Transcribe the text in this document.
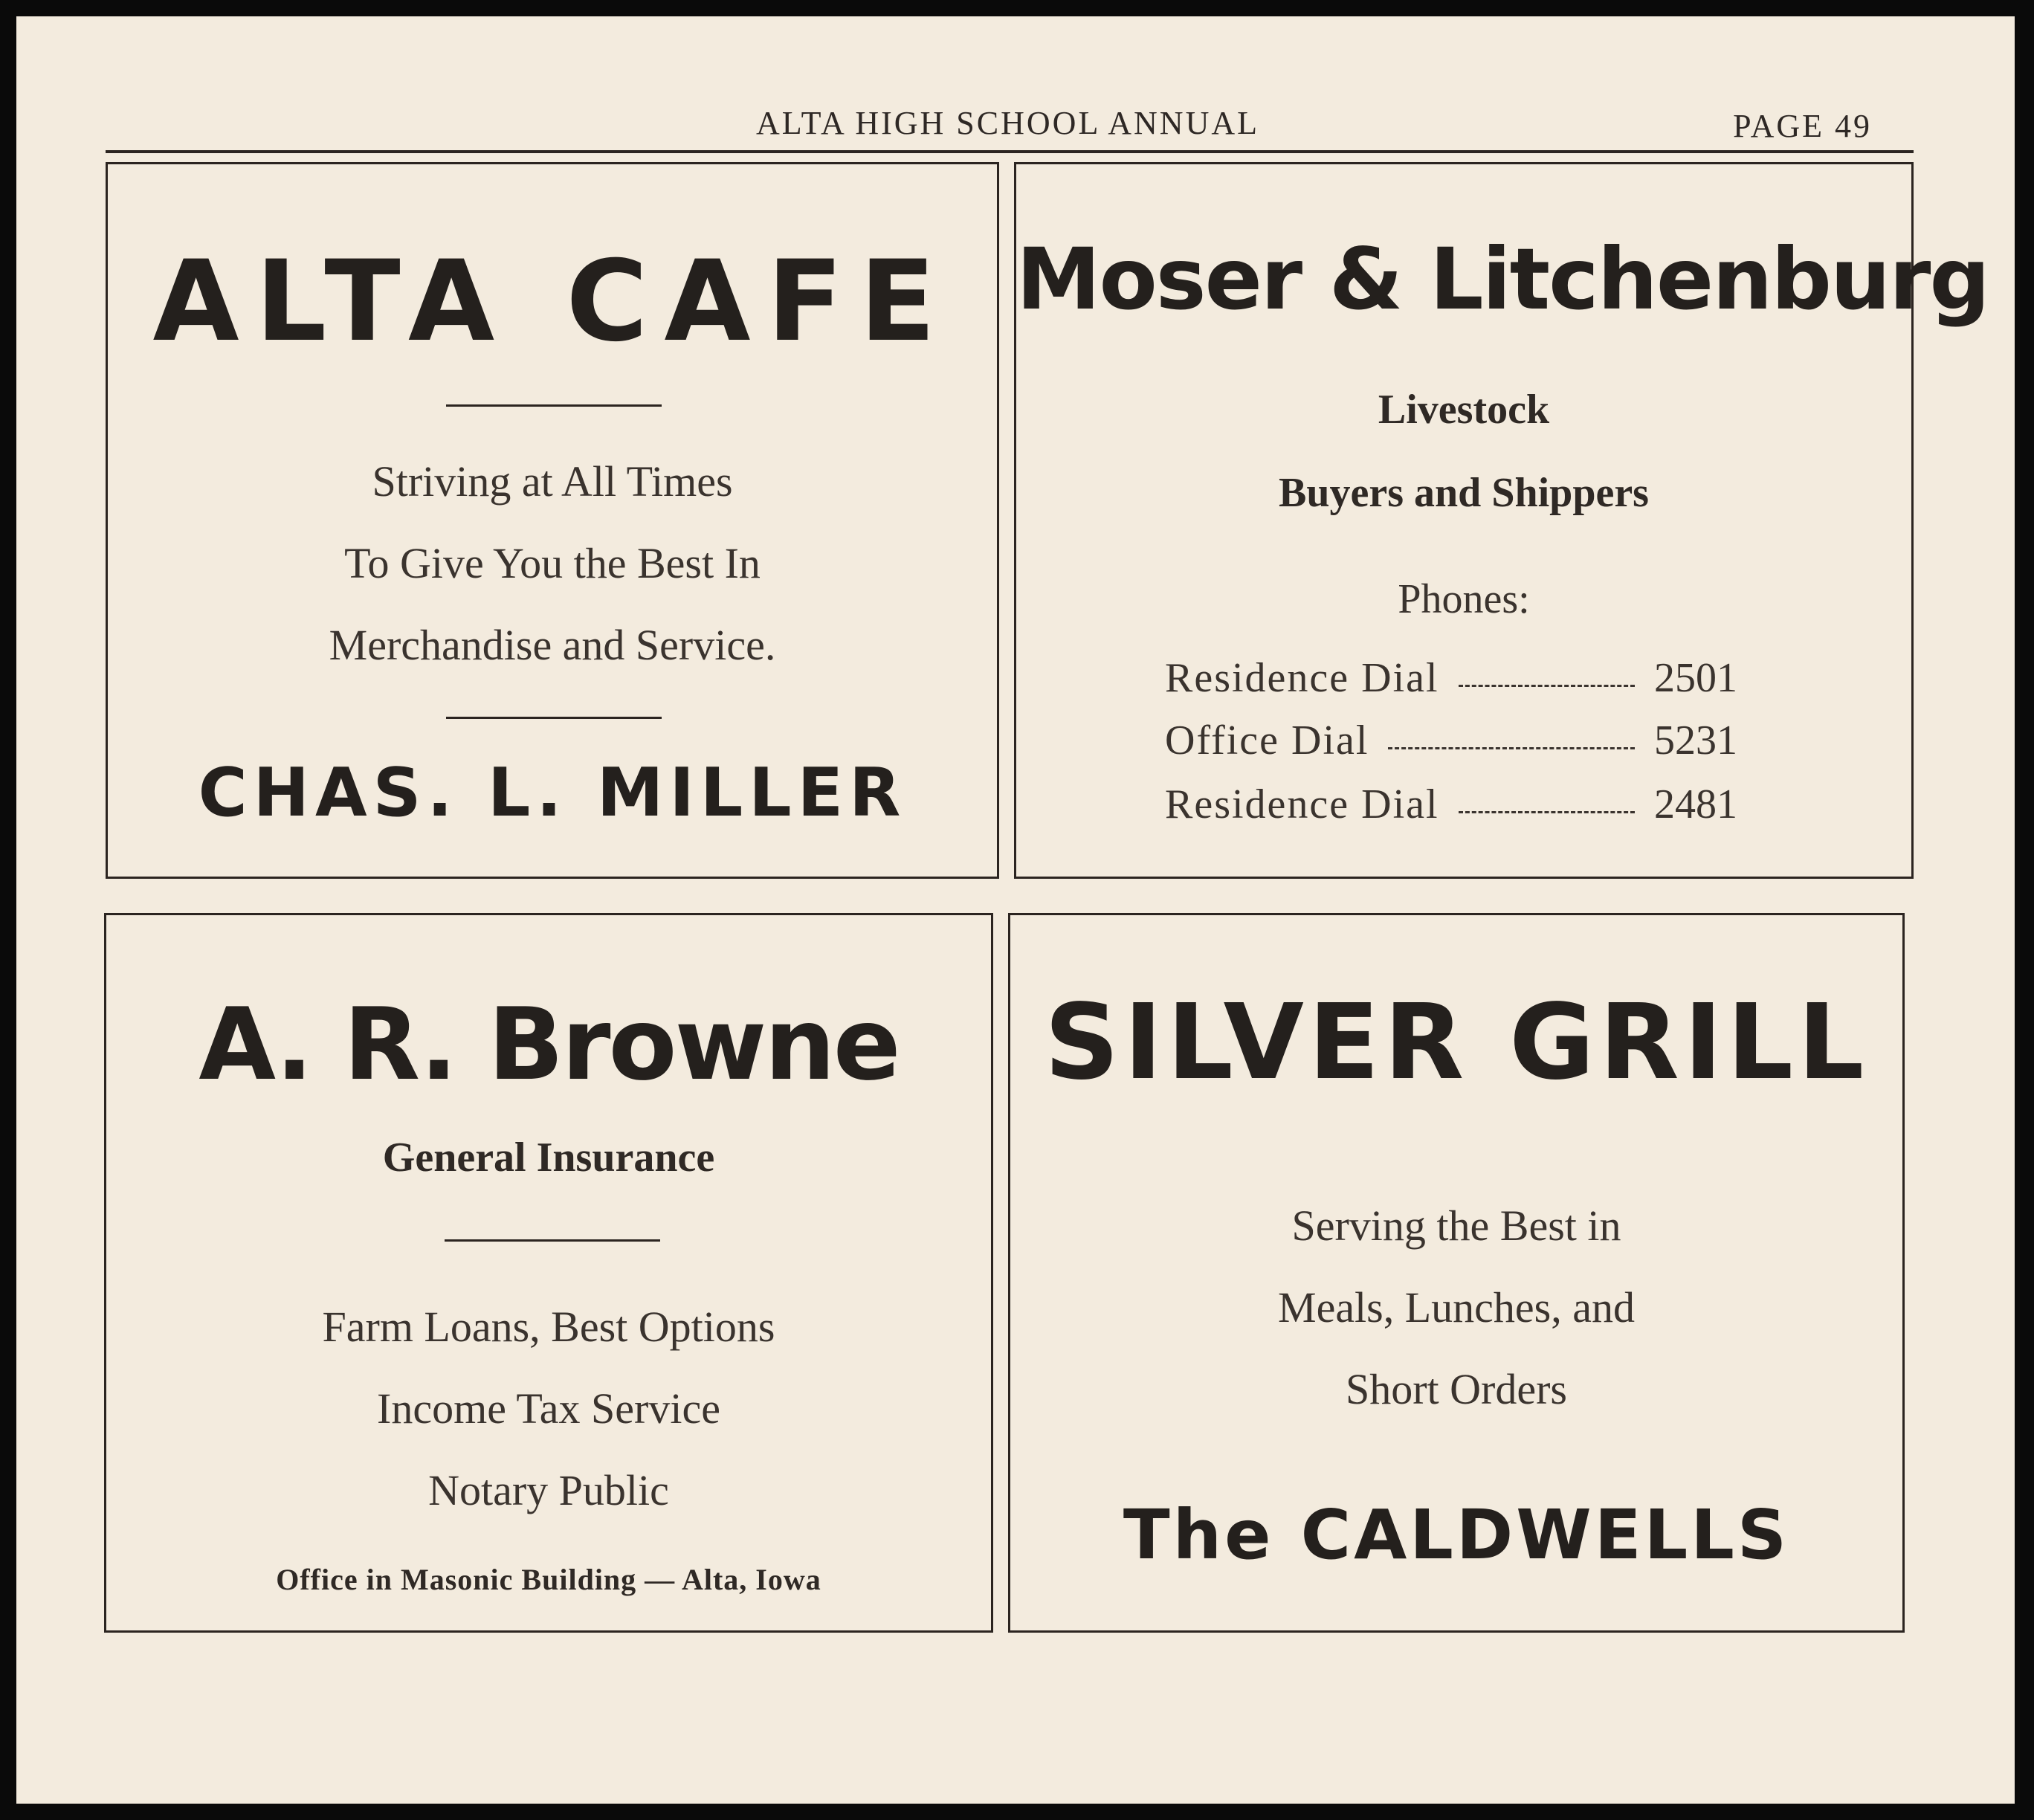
ALTA HIGH SCHOOL ANNUAL	PAGE 49
ALTA CAFE
Striving at All Times
To Give You the Best In
Merchandise and Service.
CHAS. L. MILLER
Moser & Litchenburg
Livestock
Buyers and Shippers
Phones:
Residence Dial	2501
Office Dial	5231
Residence Dial	2481
A. R. Browne
General Insurance
Farm Loans, Best Options
Income Tax Service
Notary Public
Office in Masonic Building — Alta, Iowa
SILVER GRILL
Serving the Best in
Meals, Lunches, and
Short Orders
The CALDWELLS
